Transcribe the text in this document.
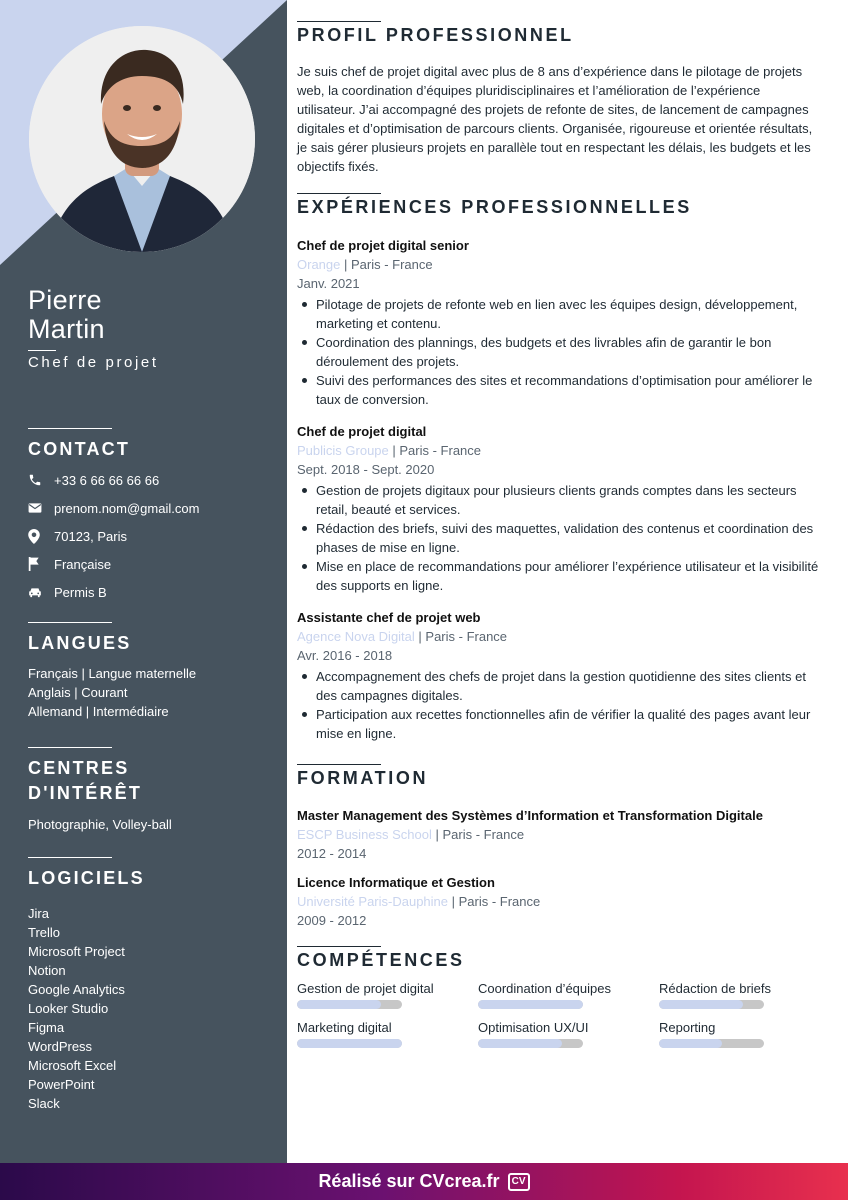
Pierre
Martin
Chef de projet
CONTACT
+33 6 66 66 66 66
prenom.nom@gmail.com
70123, Paris
Française
Permis B
LANGUES
Français | Langue maternelle
Anglais | Courant
Allemand | Intermédiaire
CENTRES
D'INTÉRÊT
Photographie, Volley-ball
LOGICIELS
Jira
Trello
Microsoft Project
Notion
Google Analytics
Looker Studio
Figma
WordPress
Microsoft Excel
PowerPoint
Slack
PROFIL PROFESSIONNEL

Je suis chef de projet digital avec plus de 8 ans d’expérience dans le pilotage de projets web, la coordination d’équipes pluridisciplinaires et l’amélioration de l’expérience utilisateur. J’ai accompagné des projets de refonte de sites, de lancement de campagnes digitales et d’optimisation de parcours clients. Organisée, rigoureuse et orientée résultats, je sais gérer plusieurs projets en parallèle tout en respectant les délais, les budgets et les objectifs fixés.

EXPÉRIENCES PROFESSIONNELLES
Chef de projet digital senior
Orange | Paris - France
Janv. 2021
Pilotage de projets de refonte web en lien avec les équipes design, développement, marketing et contenu.
Coordination des plannings, des budgets et des livrables afin de garantir le bon déroulement des projets.
Suivi des performances des sites et recommandations d’optimisation pour améliorer le taux de conversion.
Chef de projet digital
Publicis Groupe | Paris - France
Sept. 2018 - Sept. 2020
Gestion de projets digitaux pour plusieurs clients grands comptes dans les secteurs retail, beauté et services.
Rédaction des briefs, suivi des maquettes, validation des contenus et coordination des phases de mise en ligne.
Mise en place de recommandations pour améliorer l’expérience utilisateur et la visibilité des supports en ligne.
Assistante chef de projet web
Agence Nova Digital | Paris - France
Avr. 2016 - 2018
Accompagnement des chefs de projet dans la gestion quotidienne des sites clients et des campagnes digitales.
Participation aux recettes fonctionnelles afin de vérifier la qualité des pages avant leur mise en ligne.
FORMATION
Master Management des Systèmes d’Information et Transformation Digitale
ESCP Business School | Paris - France
2012 - 2014
Licence Informatique et Gestion
Université Paris-Dauphine | Paris - France
2009 - 2012
COMPÉTENCES
Gestion de projet digital	Coordination d’équipes	Rédaction de briefs
Marketing digital	Optimisation UX/UI	Reporting
Réalisé sur CVcrea.fr	CV
